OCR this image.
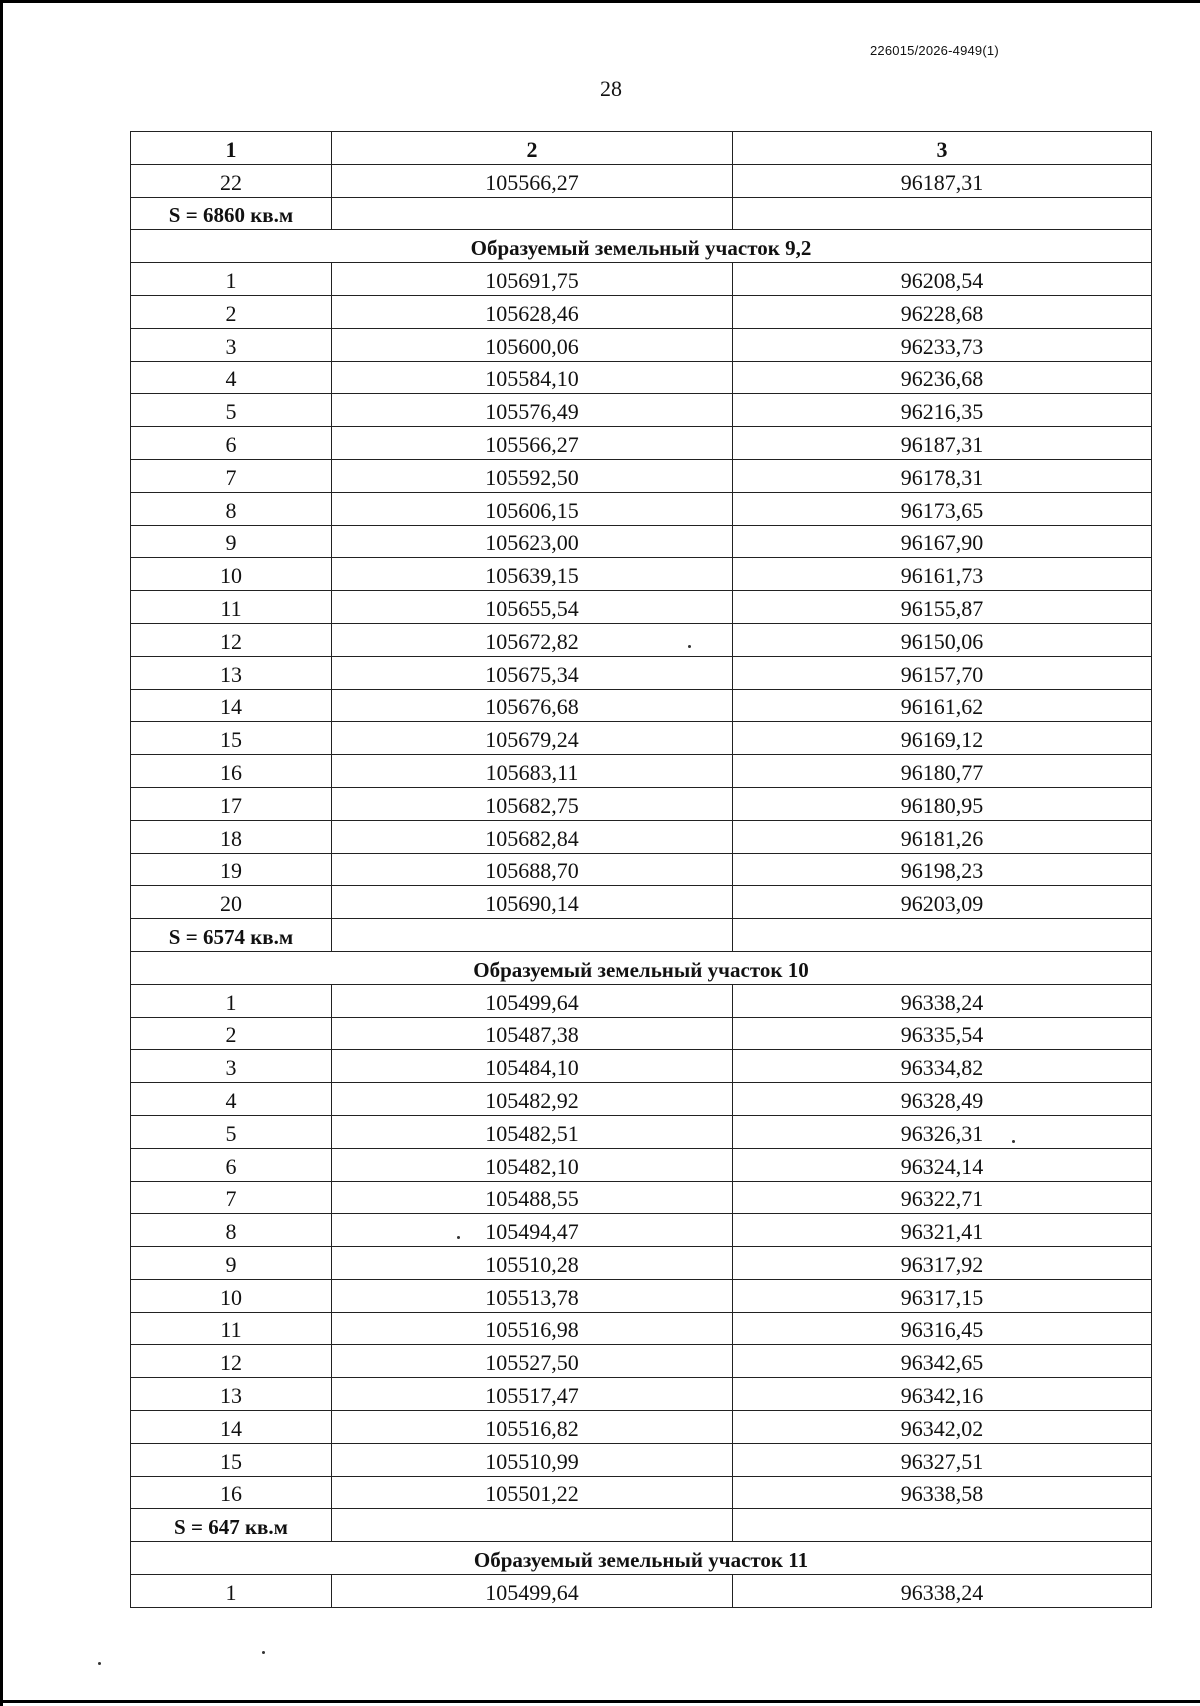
226015/2026-4949(1)
28
1	2	3
22	105566,27	96187,31
S = 6860 кв.м		
Образуемый земельный участок 9,2		
1	105691,75	96208,54
2	105628,46	96228,68
3	105600,06	96233,73
4	105584,10	96236,68
5	105576,49	96216,35
6	105566,27	96187,31
7	105592,50	96178,31
8	105606,15	96173,65
9	105623,00	96167,90
10	105639,15	96161,73
11	105655,54	96155,87
12	105672,82	96150,06
13	105675,34	96157,70
14	105676,68	96161,62
15	105679,24	96169,12
16	105683,11	96180,77
17	105682,75	96180,95
18	105682,84	96181,26
19	105688,70	96198,23
20	105690,14	96203,09
S = 6574 кв.м		
Образуемый земельный участок 10		
1	105499,64	96338,24
2	105487,38	96335,54
3	105484,10	96334,82
4	105482,92	96328,49
5	105482,51	96326,31
6	105482,10	96324,14
7	105488,55	96322,71
8	105494,47	96321,41
9	105510,28	96317,92
10	105513,78	96317,15
11	105516,98	96316,45
12	105527,50	96342,65
13	105517,47	96342,16
14	105516,82	96342,02
15	105510,99	96327,51
16	105501,22	96338,58
S = 647 кв.м		
Образуемый земельный участок 11		
1	105499,64	96338,24
